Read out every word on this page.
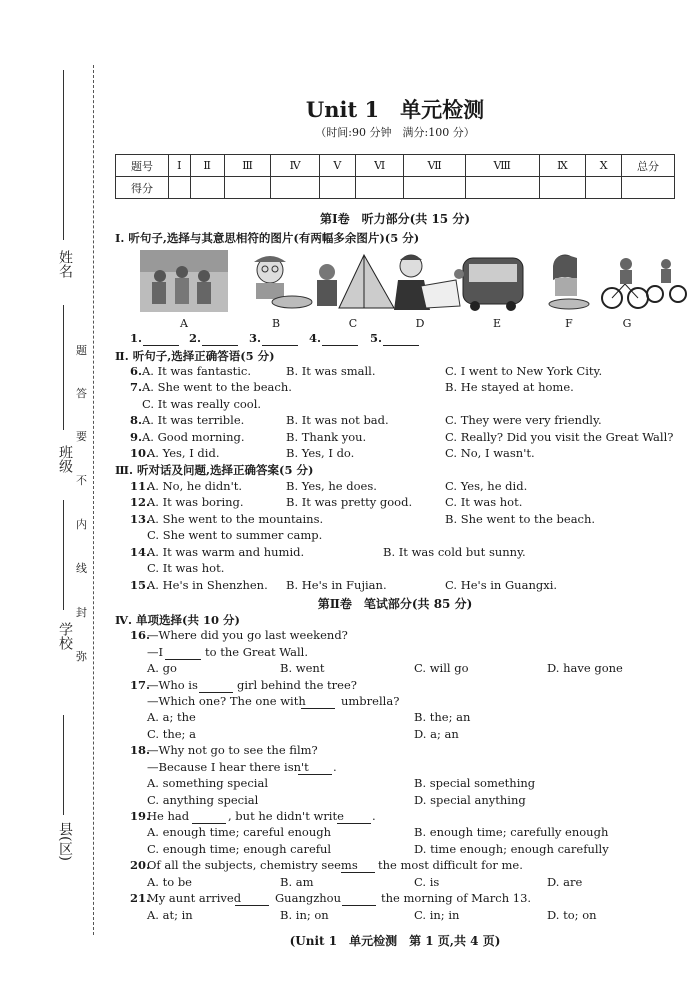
姓名
班级
学校
县(区)
题
答
要
不
内
线
封
弥
Unit 1　单元检测
（时间:90 分钟　满分:100 分）
题号	Ⅰ	Ⅱ	Ⅲ	Ⅳ	Ⅴ	Ⅵ	Ⅶ	Ⅷ	Ⅸ	Ⅹ	总分
得分											
第Ⅰ卷　听力部分(共 15 分)
Ⅰ. 听句子,选择与其意思相符的图片(有两幅多余图片)(5 分)
A	B	C	D	E	F	G
1.	2.	3.	4.	5.
Ⅱ. 听句子,选择正确答语(5 分)
6. A. It was fantastic.	B. It was small.	C. I went to New York City.
7. A. She went to the beach.	B. He stayed at home.
C. It was really cool.
8. A. It was terrible.	B. It was not bad.	C. They were very friendly.
9. A. Good morning.	B. Thank you.	C. Really? Did you visit the Great Wall?
10.
A. Yes, I did.	B. Yes, I do.	C. No, I wasn't.
Ⅲ. 听对话及问题,选择正确答案(5 分)
11.
A. No, he didn't.	B. Yes, he does.	C. Yes, he did.
12.
A. It was boring.	B. It was pretty good.	C. It was hot.
13.
A. She went to the mountains.	B. She went to the beach.
C. She went to summer camp.
14.
A. It was warm and humid.	B. It was cold but sunny.
C. It was hot.
15.
A. He's in Shenzhen. B. He's in Fujian.	C. He's in Guangxi.
第Ⅱ卷　笔试部分(共 85 分)
Ⅳ. 单项选择(共 10 分)
16.
—Where did you go last weekend?
—I	to the Great Wall.
A. go	B. went	C. will go	D. have gone
17.
—Who is	girl behind the tree?
—Which one? The one with	umbrella?
A. a; the	B. the; an
C. the; a	D. a; an
18.
—Why not go to see the film?
—Because I hear there isn't .
A. something special	B. special something
C. anything special	D. special anything
19.
He had	, but he didn't write .
A. enough time; careful enough	B. enough time; carefully enough
C. enough time; enough careful	D. time enough; enough carefully
20.
Of all the subjects, chemistry seems the most difficult for me.
A. to be	B. am	C. is	D. are
21.
My aunt arrived	Guangzhou	the morning of March 13.
A. at; in	B. in; on	C. in; in	D. to; on
(Unit 1　单元检测　第 1 页,共 4 页)
